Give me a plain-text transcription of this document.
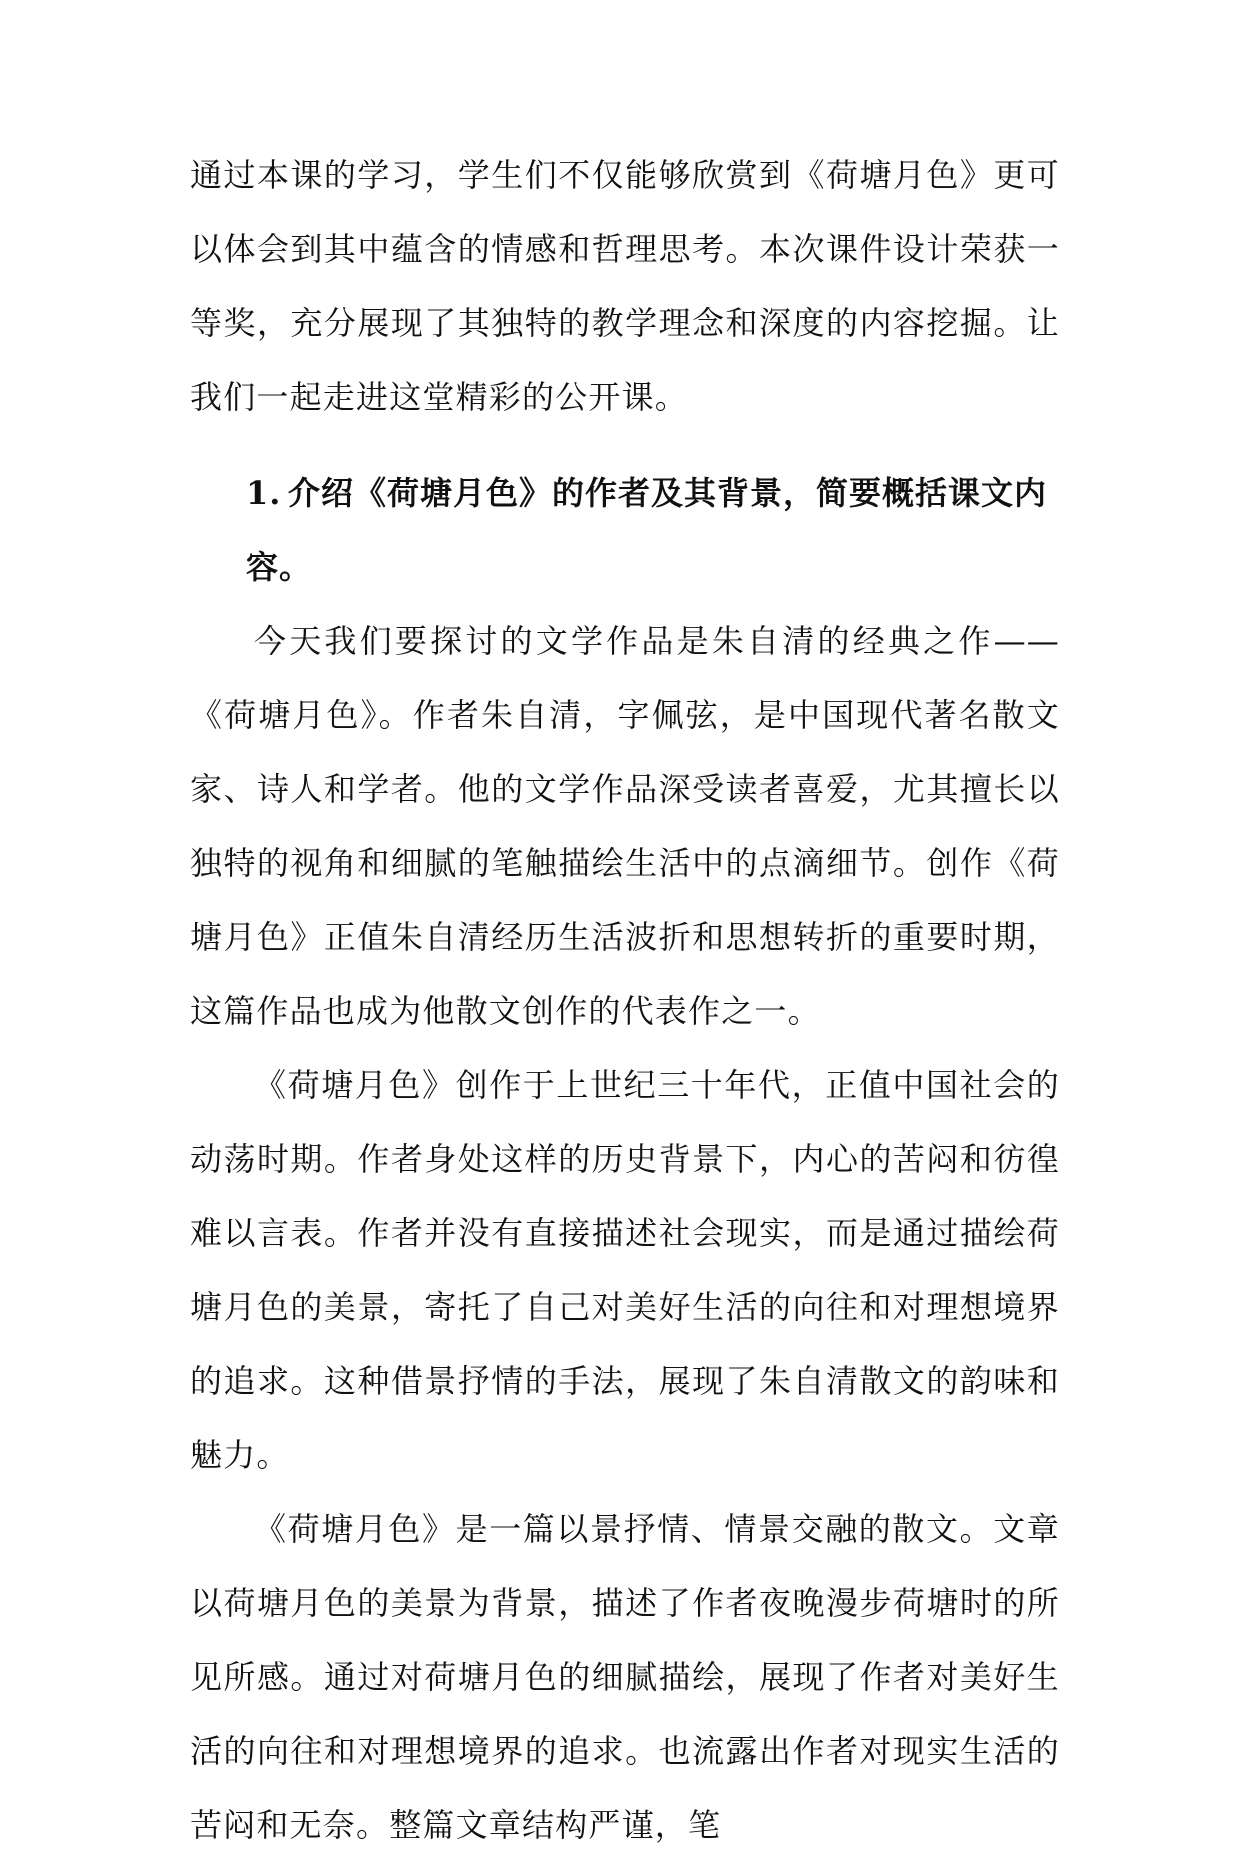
通过本课的学习，学生们不仅能够欣赏到《荷塘月色》更可以体会到其中蕴含的情感和哲理思考。本次课件设计荣获一等奖，充分展现了其独特的教学理念和深度的内容挖掘。让我们一起走进这堂精彩的公开课。

1. 介绍《荷塘月色》的作者及其背景，简要概括课文内容。

今天我们要探讨的文学作品是朱自清的经典之作——《荷塘月色》。作者朱自清，字佩弦，是中国现代著名散文家、诗人和学者。他的文学作品深受读者喜爱，尤其擅长以独特的视角和细腻的笔触描绘生活中的点滴细节。创作《荷塘月色》正值朱自清经历生活波折和思想转折的重要时期，这篇作品也成为他散文创作的代表作之一。

《荷塘月色》创作于上世纪三十年代，正值中国社会的动荡时期。作者身处这样的历史背景下，内心的苦闷和彷徨难以言表。作者并没有直接描述社会现实，而是通过描绘荷塘月色的美景，寄托了自己对美好生活的向往和对理想境界的追求。这种借景抒情的手法，展现了朱自清散文的韵味和魅力。

《荷塘月色》是一篇以景抒情、情景交融的散文。文章以荷塘月色的美景为背景，描述了作者夜晚漫步荷塘时的所见所感。通过对荷塘月色的细腻描绘，展现了作者对美好生活的向往和对理想境界的追求。也流露出作者对现实生活的苦闷和无奈。整篇文章结构严谨，笔
